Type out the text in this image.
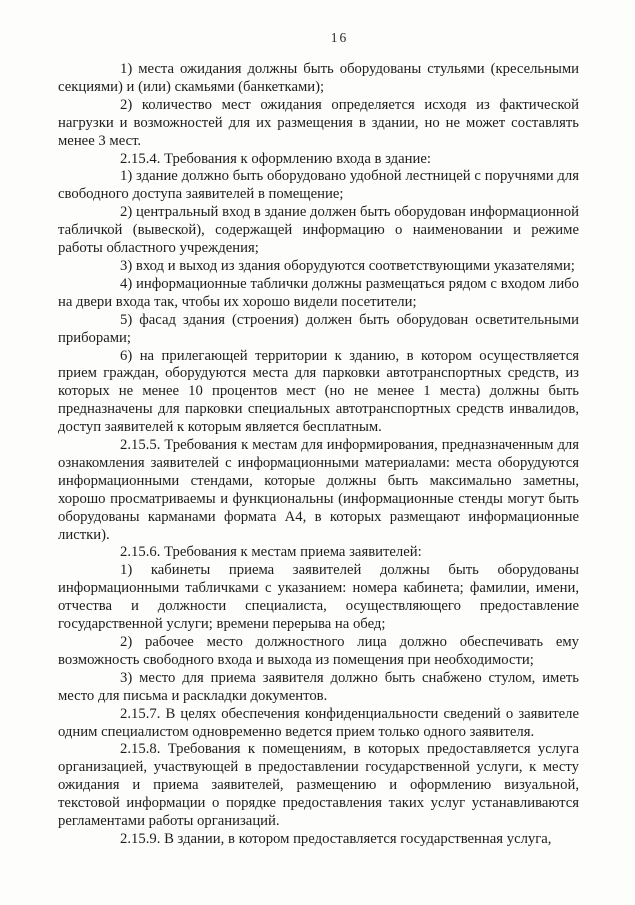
16

1) места ожидания должны быть оборудованы стульями (кресельными секциями) и (или) скамьями (банкетками);

2) количество мест ожидания определяется исходя из фактической нагрузки и возможностей для их размещения в здании, но не может составлять менее 3 мест.

2.15.4. Требования к оформлению входа в здание:

1) здание должно быть оборудовано удобной лестницей с поручнями для свободного доступа заявителей в помещение;

2) центральный вход в здание должен быть оборудован информационной табличкой (вывеской), содержащей информацию о наименовании и режиме работы областного учреждения;

3) вход и выход из здания оборудуются соответствующими указателями;

4) информационные таблички должны размещаться рядом с входом либо на двери входа так, чтобы их хорошо видели посетители;

5) фасад здания (строения) должен быть оборудован осветительными приборами;

6) на прилегающей территории к зданию, в котором осуществляется прием граждан, оборудуются места для парковки автотранспортных средств, из которых не менее 10 процентов мест (но не менее 1 места) должны быть предназначены для парковки специальных автотранспортных средств инвалидов, доступ заявителей к которым является бесплатным.

2.15.5. Требования к местам для информирования, предназначенным для ознакомления заявителей с информационными материалами: места оборудуются информационными стендами, которые должны быть максимально заметны, хорошо просматриваемы и функциональны (информационные стенды могут быть оборудованы карманами формата А4, в которых размещают информационные листки).

2.15.6. Требования к местам приема заявителей:

1) кабинеты приема заявителей должны быть оборудованы информационными табличками с указанием: номера кабинета; фамилии, имени, отчества и должности специалиста, осуществляющего предоставление государственной услуги; времени перерыва на обед;

2) рабочее место должностного лица должно обеспечивать ему возможность свободного входа и выхода из помещения при необходимости;

3) место для приема заявителя должно быть снабжено стулом, иметь место для письма и раскладки документов.

2.15.7. В целях обеспечения конфиденциальности сведений о заявителе одним специалистом одновременно ведется прием только одного заявителя.

2.15.8. Требования к помещениям, в которых предоставляется услуга организацией, участвующей в предоставлении государственной услуги, к месту ожидания и приема заявителей, размещению и оформлению визуальной, текстовой информации о порядке предоставления таких услуг устанавливаются регламентами работы организаций.

2.15.9. В здании, в котором предоставляется государственная услуга,
